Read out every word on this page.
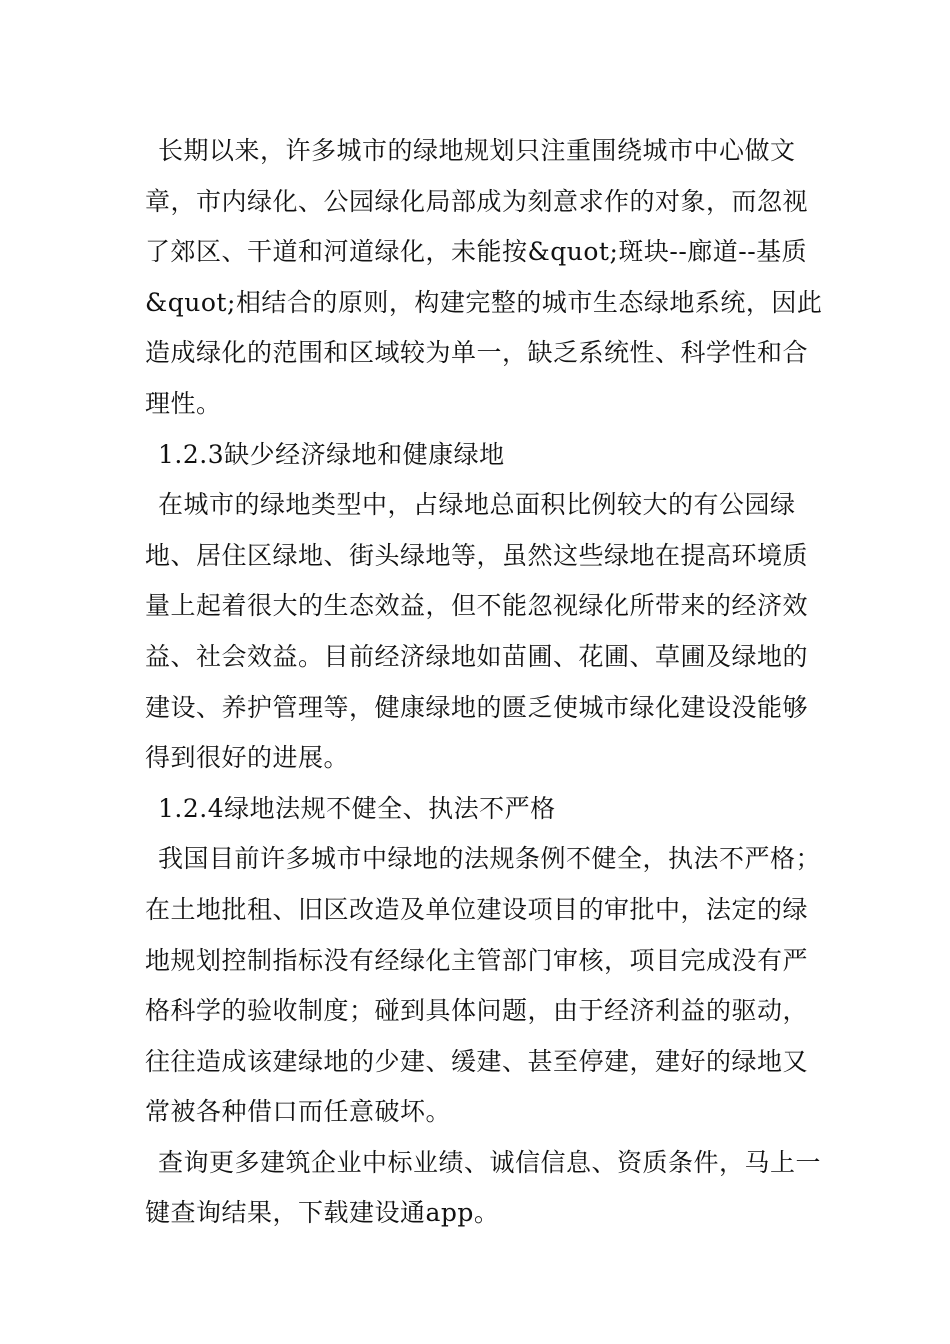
长期以来，许多城市的绿地规划只注重围绕城市中心做文章，市内绿化、公园绿化局部成为刻意求作的对象，而忽视了郊区、干道和河道绿化，未能按&quot;斑块--廊道--基质&quot;相结合的原则，构建完整的城市生态绿地系统，因此造成绿化的范围和区域较为单一，缺乏系统性、科学性和合理性。

1.2.3缺少经济绿地和健康绿地

在城市的绿地类型中，占绿地总面积比例较大的有公园绿地、居住区绿地、街头绿地等，虽然这些绿地在提高环境质量上起着很大的生态效益，但不能忽视绿化所带来的经济效益、社会效益。目前经济绿地如苗圃、花圃、草圃及绿地的建设、养护管理等，健康绿地的匮乏使城市绿化建设没能够得到很好的进展。

1.2.4绿地法规不健全、执法不严格

我国目前许多城市中绿地的法规条例不健全，执法不严格；在土地批租、旧区改造及单位建设项目的审批中，法定的绿地规划控制指标没有经绿化主管部门审核，项目完成没有严格科学的验收制度；碰到具体问题，由于经济利益的驱动，往往造成该建绿地的少建、缓建、甚至停建，建好的绿地又常被各种借口而任意破坏。

查询更多建筑企业中标业绩、诚信信息、资质条件，马上一键查询结果，下载建设通app。
